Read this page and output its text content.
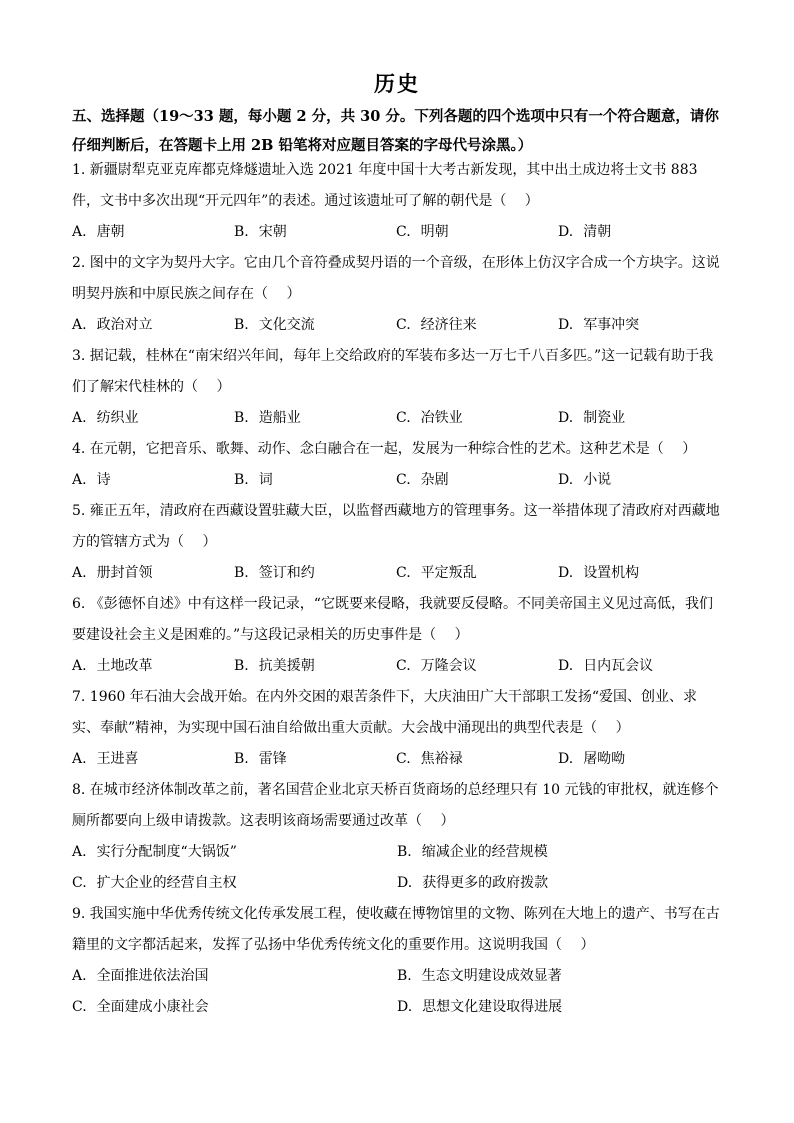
历史
五、选择题（19～33 题，每小题 2 分，共 30 分。下列各题的四个选项中只有一个符合题意，请你仔细判断后，在答题卡上用 2B 铅笔将对应题目答案的字母代号涂黑。）
1. 新疆尉犁克亚克库都克烽燧遗址入选 2021 年度中国十大考古新发现，其中出土成边将士文书 883 件，文书中多次出现“开元四年”的表述。通过该遗址可了解的朝代是（　 ）
A. 唐朝	B. 宋朝	C. 明朝	D. 清朝
2. 图中的文字为契丹大字。它由几个音符叠成契丹语的一个音级，在形体上仿汉字合成一个方块字。这说明契丹族和中原民族之间存在（　 ）
A. 政治对立	B. 文化交流	C. 经济往来	D. 军事冲突
3. 据记载，桂林在“南宋绍兴年间，每年上交给政府的军装布多达一万七千八百多匹。”这一记载有助于我们了解宋代桂林的（　 ）
A. 纺织业	B. 造船业	C. 冶铁业	D. 制瓷业
4. 在元朝，它把音乐、歌舞、动作、念白融合在一起，发展为一种综合性的艺术。这种艺术是（　 ）
A. 诗	B. 词	C. 杂剧	D. 小说
5. 雍正五年，清政府在西藏设置驻藏大臣，以监督西藏地方的管理事务。这一举措体现了清政府对西藏地方的管辖方式为（　 ）
A. 册封首领	B. 签订和约	C. 平定叛乱	D. 设置机构
6. 《彭德怀自述》中有这样一段记录，“它既要来侵略，我就要反侵略。不同美帝国主义见过高低，我们要建设社会主义是困难的。”与这段记录相关的历史事件是（　 ）
A. 土地改革	B. 抗美援朝	C. 万隆会议	D. 日内瓦会议
7. 1960 年石油大会战开始。在内外交困的艰苦条件下，大庆油田广大干部职工发扬“爱国、创业、求实、奉献”精神，为实现中国石油自给做出重大贡献。大会战中涌现出的典型代表是（　 ）
A. 王进喜	B. 雷锋	C. 焦裕禄	D. 屠呦呦
8. 在城市经济体制改革之前，著名国营企业北京天桥百货商场的总经理只有 10 元钱的审批权，就连修个厕所都要向上级申请拨款。这表明该商场需要通过改革（　 ）
A. 实行分配制度“大锅饭”	B. 缩减企业的经营规模
C. 扩大企业的经营自主权	D. 获得更多的政府拨款
9. 我国实施中华优秀传统文化传承发展工程，使收藏在博物馆里的文物、陈列在大地上的遗产、书写在古籍里的文字都活起来，发挥了弘扬中华优秀传统文化的重要作用。这说明我国（　 ）
A. 全面推进依法治国	B. 生态文明建设成效显著
C. 全面建成小康社会	D. 思想文化建设取得进展
